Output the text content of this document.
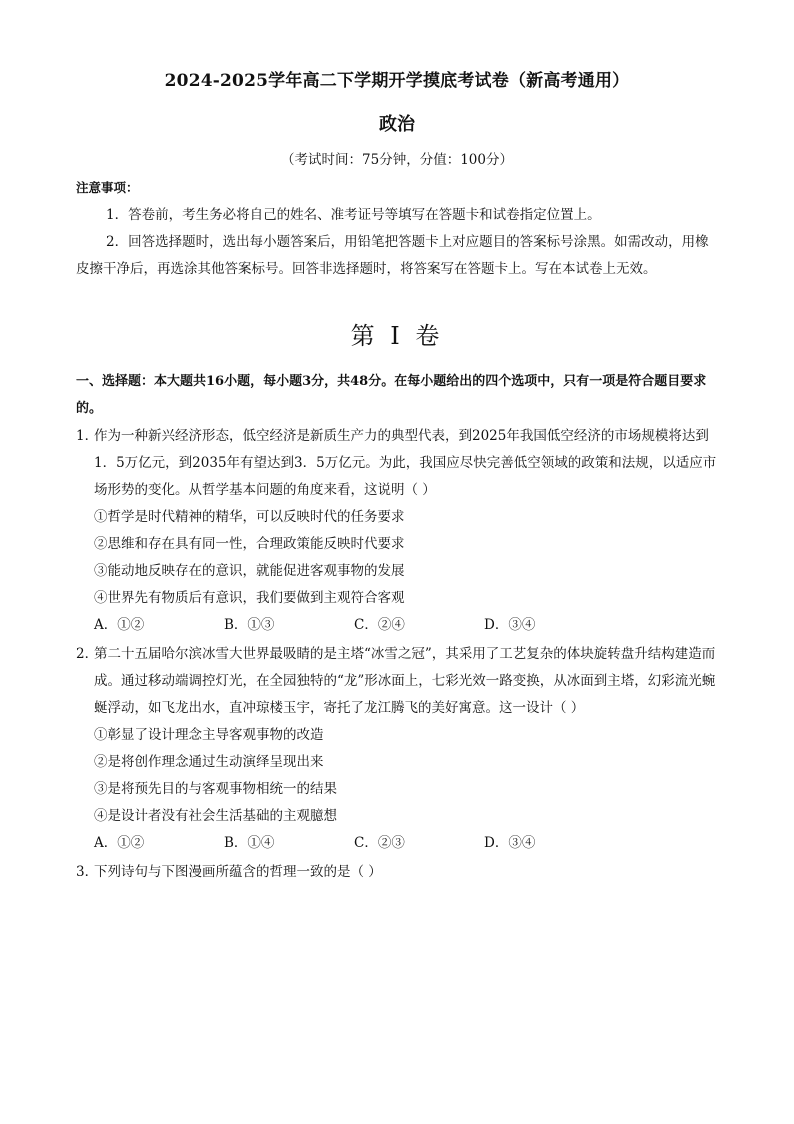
2024-2025学年高二下学期开学摸底考试卷（新高考通用）
政治
（考试时间：75分钟，分值：100分）
注意事项：

1．答卷前，考生务必将自己的姓名、准考证号等填写在答题卡和试卷指定位置上。

2．回答选择题时，选出每小题答案后，用铅笔把答题卡上对应题目的答案标号涂黑。如需改动，用橡皮擦干净后，再选涂其他答案标号。回答非选择题时，将答案写在答题卡上。写在本试卷上无效。

第 I 卷

一、选择题：本大题共16小题，每小题3分，共48分。在每小题给出的四个选项中，只有一项是符合题目要求的。

1．
作为一种新兴经济形态，低空经济是新质生产力的典型代表，到2025年我国低空经济的市场规模将达到1．5万亿元，到2035年有望达到3．5万亿元。为此，我国应尽快完善低空领域的政策和法规，以适应市场形势的变化。从哲学基本问题的角度来看，这说明（ ）
①哲学是时代精神的精华，可以反映时代的任务要求
②思维和存在具有同一性，合理政策能反映时代要求
③能动地反映存在的意识，就能促进客观事物的发展
④世界先有物质后有意识，我们要做到主观符合客观
A．①②	B．①③	C．②④	D．③④
2．
第二十五届哈尔滨冰雪大世界最吸睛的是主塔“冰雪之冠”，其采用了工艺复杂的体块旋转盘升结构建造而成。通过移动端调控灯光，在全园独特的“龙”形冰面上，七彩光效一路变换，从冰面到主塔，幻彩流光蜿蜒浮动，如飞龙出水，直冲琼楼玉宇，寄托了龙江腾飞的美好寓意。这一设计（ ）
①彰显了设计理念主导客观事物的改造
②是将创作理念通过生动演绎呈现出来
③是将预先目的与客观事物相统一的结果
④是设计者没有社会生活基础的主观臆想
A．①②	B．①④	C．②③	D．③④
3．
下列诗句与下图漫画所蕴含的哲理一致的是（ ）
